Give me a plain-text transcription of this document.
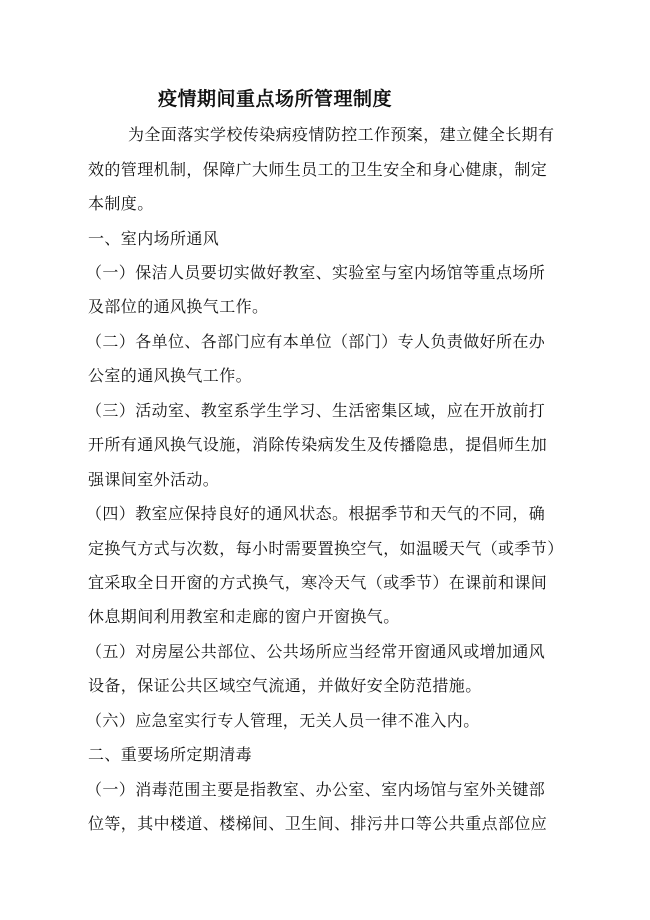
疫情期间重点场所管理制度
为全面落实学校传染病疫情防控工作预案，建立健全长期有
效的管理机制，保障广大师生员工的卫生安全和身心健康，制定
本制度。
一、室内场所通风
（一）保洁人员要切实做好教室、实验室与室内场馆等重点场所
及部位的通风换气工作。
（二）各单位、各部门应有本单位（部门）专人负责做好所在办
公室的通风换气工作。
（三）活动室、教室系学生学习、生活密集区域，应在开放前打
开所有通风换气设施，消除传染病发生及传播隐患，提倡师生加
强课间室外活动。
（四）教室应保持良好的通风状态。根据季节和天气的不同，确
定换气方式与次数，每小时需要置换空气，如温暖天气（或季节）
宜采取全日开窗的方式换气，寒冷天气（或季节）在课前和课间
休息期间利用教室和走廊的窗户开窗换气。
（五）对房屋公共部位、公共场所应当经常开窗通风或增加通风
设备，保证公共区域空气流通，并做好安全防范措施。
（六）应急室实行专人管理，无关人员一律不准入内。
二、重要场所定期清毒
（一）消毒范围主要是指教室、办公室、室内场馆与室外关键部
位等，其中楼道、楼梯间、卫生间、排污井口等公共重点部位应
